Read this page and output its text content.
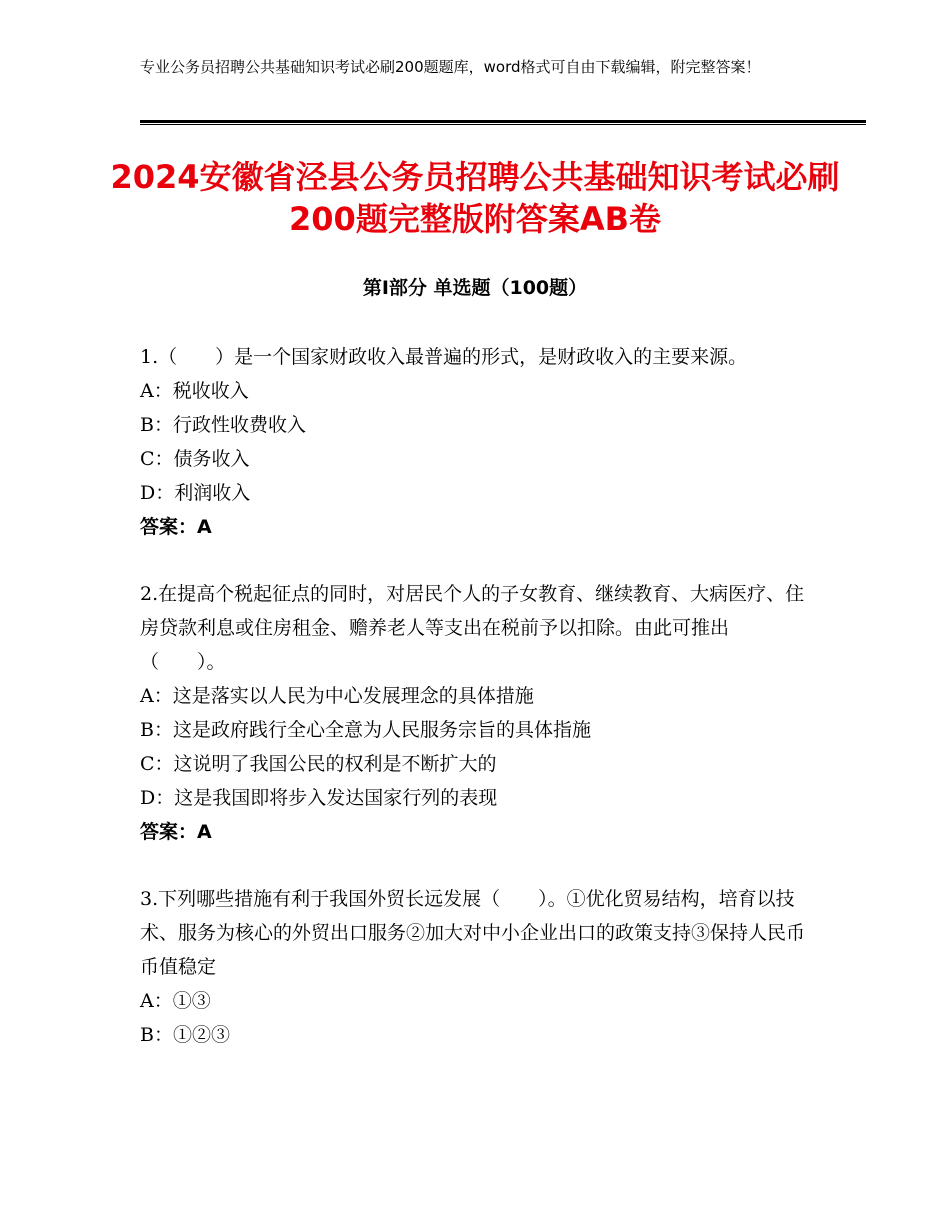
专业公务员招聘公共基础知识考试必刷200题题库，word格式可自由下载编辑，附完整答案！
2024安徽省泾县公务员招聘公共基础知识考试必刷200题完整版附答案AB卷
第Ⅰ部分 单选题（100题）

1.（　　）是一个国家财政收入最普遍的形式，是财政收入的主要来源。

A：税收收入

B：行政性收费收入

C：债务收入

D：利润收入

答案：A

2.在提高个税起征点的同时，对居民个人的子女教育、继续教育、大病医疗、住房贷款利息或住房租金、赡养老人等支出在税前予以扣除。由此可推出（　　）。

A：这是落实以人民为中心发展理念的具体措施

B：这是政府践行全心全意为人民服务宗旨的具体指施

C：这说明了我国公民的权利是不断扩大的

D：这是我国即将步入发达国家行列的表现

答案：A

3.下列哪些措施有利于我国外贸长远发展（　　）。①优化贸易结构，培育以技术、服务为核心的外贸出口服务②加大对中小企业出口的政策支持③保持人民币币值稳定

A：①③

B：①②③
